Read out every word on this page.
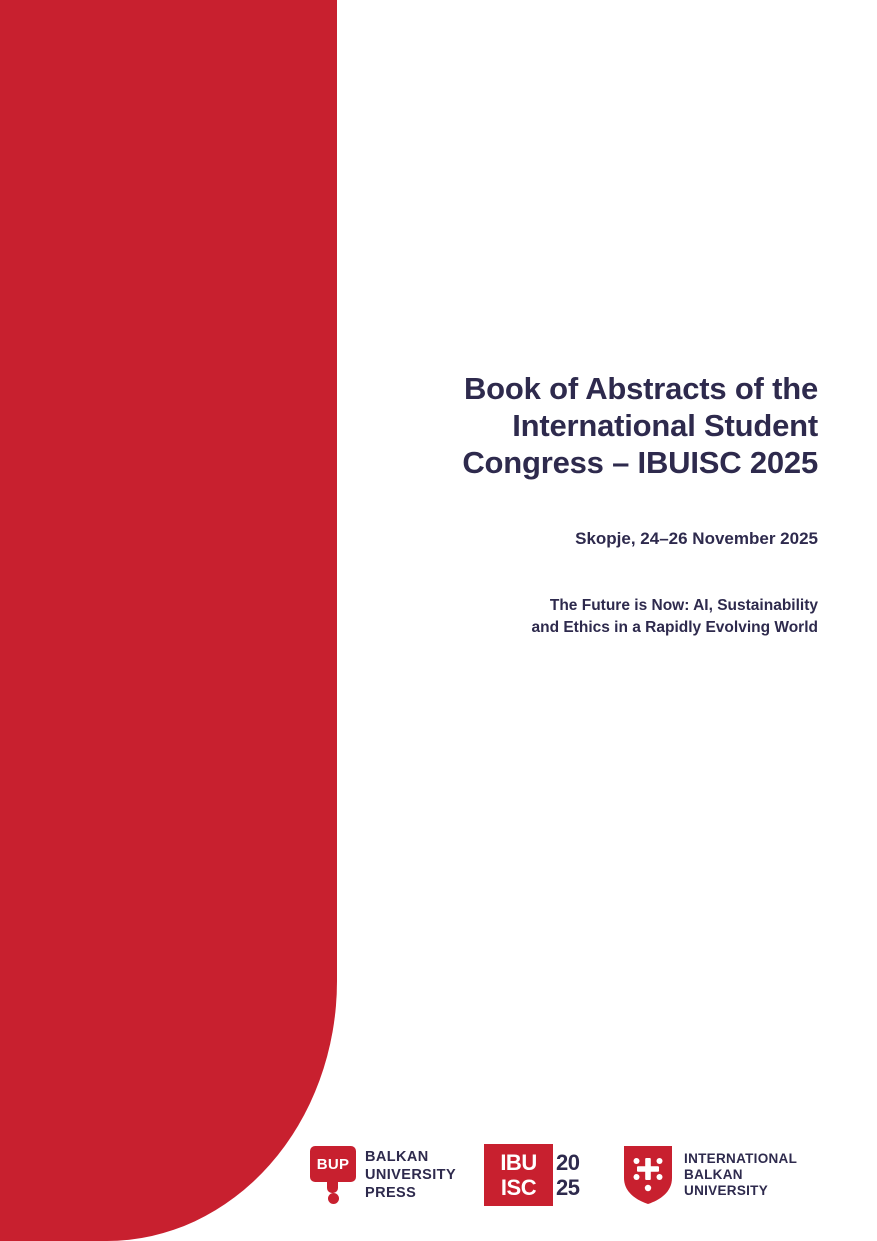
Book of Abstracts of the
International Student
Congress – IBUISC 2025

Skopje, 24–26 November 2025

The Future is Now: AI, Sustainability
and Ethics in a Rapidly Evolving World

BUP	BALKAN
UNIVERSITY
PRESS
IBU
ISC
20
25
INTERNATIONAL
BALKAN
UNIVERSITY
